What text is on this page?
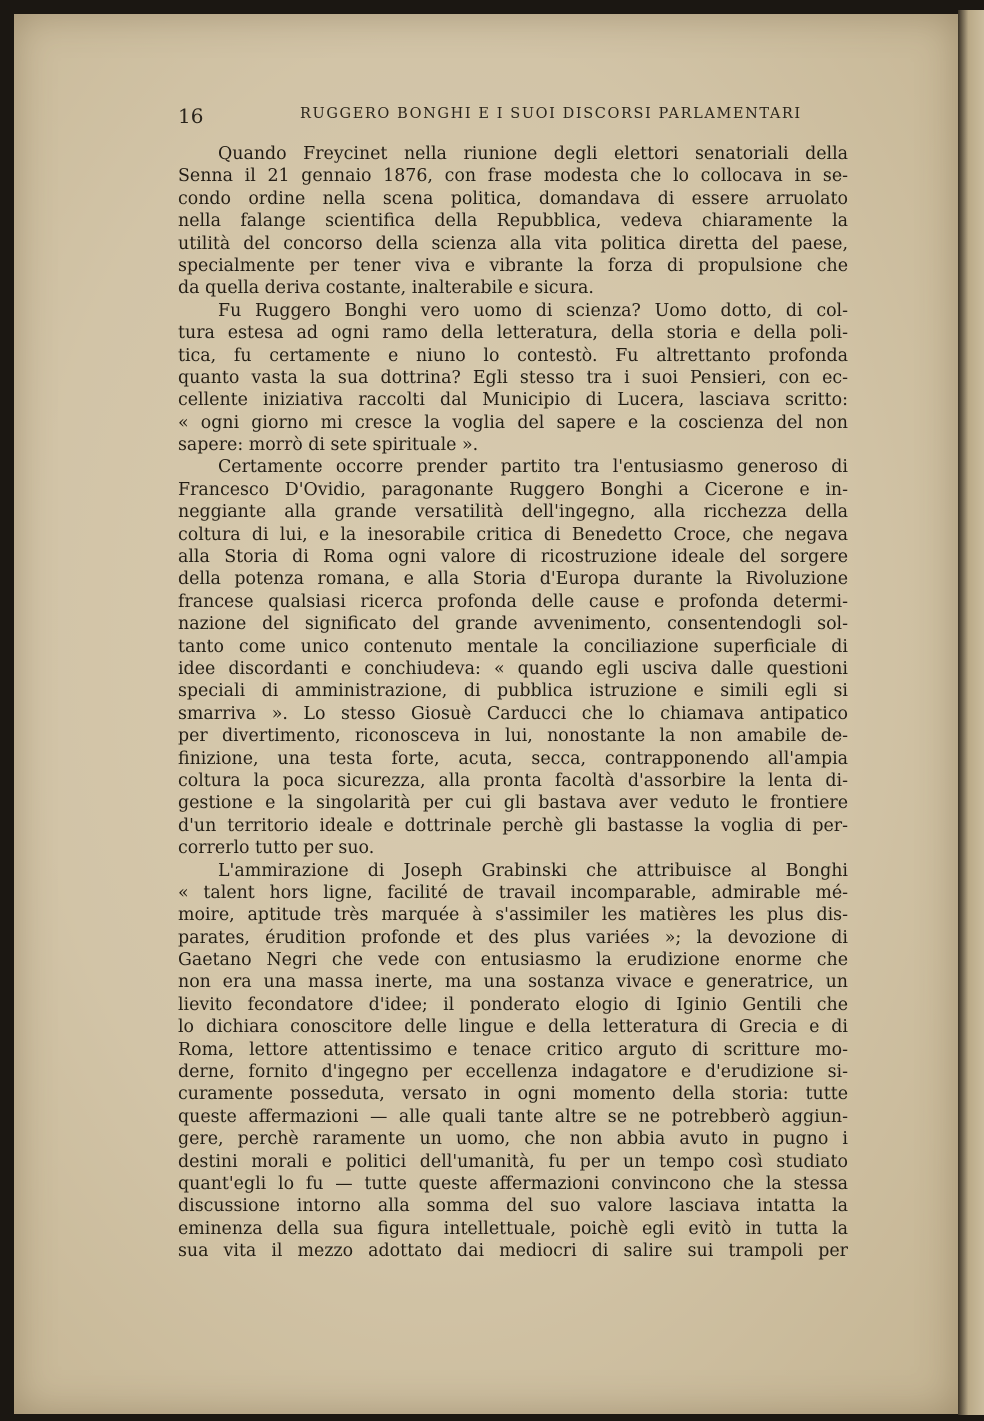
16	RUGGERO BONGHI E I SUOI DISCORSI PARLAMENTARI
Quando Freycinet nella riunione degli elettori senatoriali della
Senna il 21 gennaio 1876, con frase modesta che lo collocava in se-
condo ordine nella scena politica, domandava di essere arruolato
nella falange scientifica della Repubblica, vedeva chiaramente la
utilità del concorso della scienza alla vita politica diretta del paese,
specialmente per tener viva e vibrante la forza di propulsione che
da quella deriva costante, inalterabile e sicura.
Fu Ruggero Bonghi vero uomo di scienza? Uomo dotto, di col-
tura estesa ad ogni ramo della letteratura, della storia e della poli-
tica, fu certamente e niuno lo contestò. Fu altrettanto profonda
quanto vasta la sua dottrina? Egli stesso tra i suoi Pensieri, con ec-
cellente iniziativa raccolti dal Municipio di Lucera, lasciava scritto:
« ogni giorno mi cresce la voglia del sapere e la coscienza del non
sapere: morrò di sete spirituale ».
Certamente occorre prender partito tra l'entusiasmo generoso di
Francesco D'Ovidio, paragonante Ruggero Bonghi a Cicerone e in-
neggiante alla grande versatilità dell'ingegno, alla ricchezza della
coltura di lui, e la inesorabile critica di Benedetto Croce, che negava
alla Storia di Roma ogni valore di ricostruzione ideale del sorgere
della potenza romana, e alla Storia d'Europa durante la Rivoluzione
francese qualsiasi ricerca profonda delle cause e profonda determi-
nazione del significato del grande avvenimento, consentendogli sol-
tanto come unico contenuto mentale la conciliazione superficiale di
idee discordanti e conchiudeva: « quando egli usciva dalle questioni
speciali di amministrazione, di pubblica istruzione e simili egli si
smarriva ». Lo stesso Giosuè Carducci che lo chiamava antipatico
per divertimento, riconosceva in lui, nonostante la non amabile de-
finizione, una testa forte, acuta, secca, contrapponendo all'ampia
coltura la poca sicurezza, alla pronta facoltà d'assorbire la lenta di-
gestione e la singolarità per cui gli bastava aver veduto le frontiere
d'un territorio ideale e dottrinale perchè gli bastasse la voglia di per-
correrlo tutto per suo.
L'ammirazione di Joseph Grabinski che attribuisce al Bonghi
« talent hors ligne, facilité de travail incomparable, admirable mé-
moire, aptitude très marquée à s'assimiler les matières les plus dis-
parates, érudition profonde et des plus variées »; la devozione di
Gaetano Negri che vede con entusiasmo la erudizione enorme che
non era una massa inerte, ma una sostanza vivace e generatrice, un
lievito fecondatore d'idee; il ponderato elogio di Iginio Gentili che
lo dichiara conoscitore delle lingue e della letteratura di Grecia e di
Roma, lettore attentissimo e tenace critico arguto di scritture mo-
derne, fornito d'ingegno per eccellenza indagatore e d'erudizione si-
curamente posseduta, versato in ogni momento della storia: tutte
queste affermazioni — alle quali tante altre se ne potrebberò aggiun-
gere, perchè raramente un uomo, che non abbia avuto in pugno i
destini morali e politici dell'umanità, fu per un tempo così studiato
quant'egli lo fu — tutte queste affermazioni convincono che la stessa
discussione intorno alla somma del suo valore lasciava intatta la
eminenza della sua figura intellettuale, poichè egli evitò in tutta la
sua vita il mezzo adottato dai mediocri di salire sui trampoli per
